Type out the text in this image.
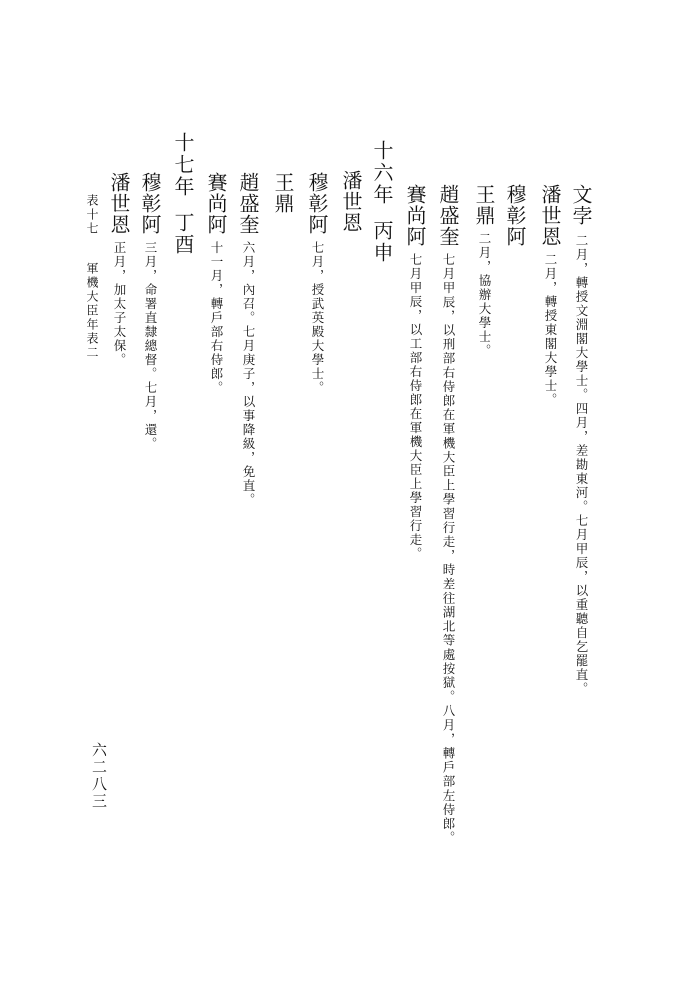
表十七軍機大臣年表二
六二八三
文孛二月，轉授文淵閣大學士。四月，差勘東河。七月甲辰，以重聽自乞罷直。
潘世恩二月，轉授東閣大學士。
穆彰阿
王鼎二月，協辦大學士。
趙盛奎七月甲辰，以刑部右侍郎在軍機大臣上學習行走，時差往湖北等處按獄。八月，轉戶部左侍郎。
賽尚阿七月甲辰，以工部右侍郎在軍機大臣上學習行走。
十六年丙申
潘世恩
穆彰阿七月，授武英殿大學士。
王鼎
趙盛奎六月，內召。七月庚子，以事降級，免直。
賽尚阿十一月，轉戶部右侍郎。
十七年丁酉
穆彰阿三月，命署直隸總督。七月，還。
潘世恩正月，加太子太保。
